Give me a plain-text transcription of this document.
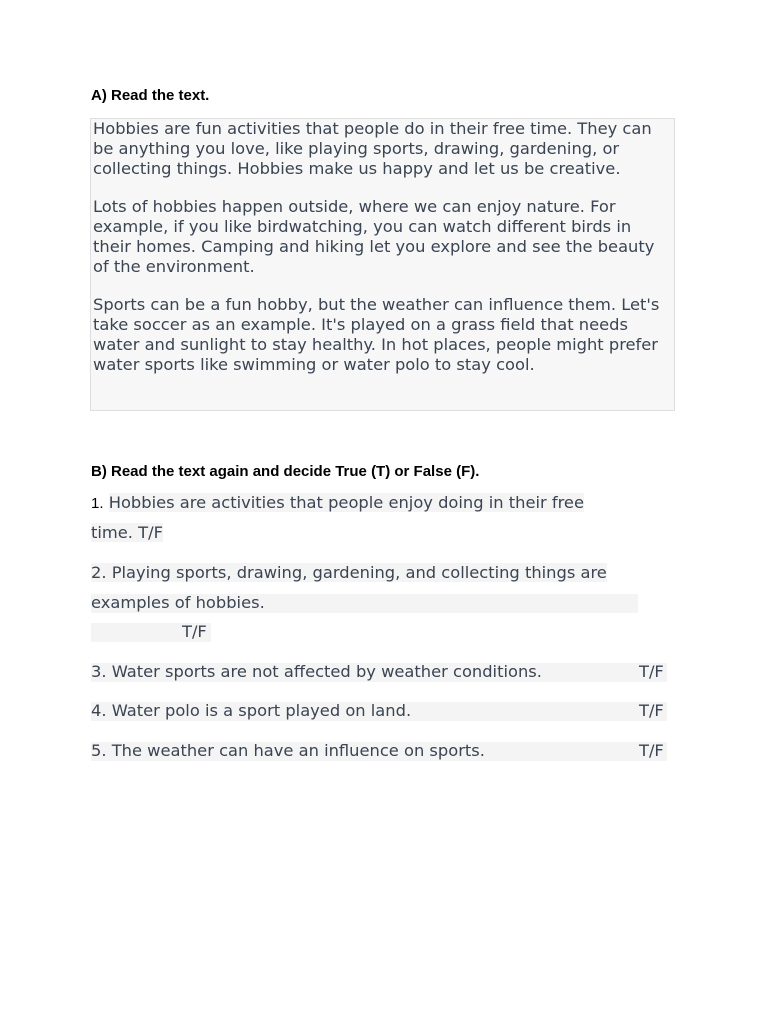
A) Read the text.

Hobbies are fun activities that people do in their free time. They can be anything you love, like playing sports, drawing, gardening, or collecting things. Hobbies make us happy and let us be creative.

Lots of hobbies happen outside, where we can enjoy nature. For example, if you like birdwatching, you can watch different birds in their homes. Camping and hiking let you explore and see the beauty of the environment.

Sports can be a fun hobby, but the weather can influence them. Let's take soccer as an example. It's played on a grass field that needs water and sunlight to stay healthy. In hot places, people might prefer water sports like swimming or water polo to stay cool.

B) Read the text again and decide True (T) or False (F).
1. Hobbies are activities that people enjoy doing in their free
time. T/F
2. Playing sports, drawing, gardening, and collecting things are
examples of hobbies.
T/F
3. Water sports are not affected by weather conditions.	T/F
4. Water polo is a sport played on land.	T/F
5. The weather can have an influence on sports.	T/F
